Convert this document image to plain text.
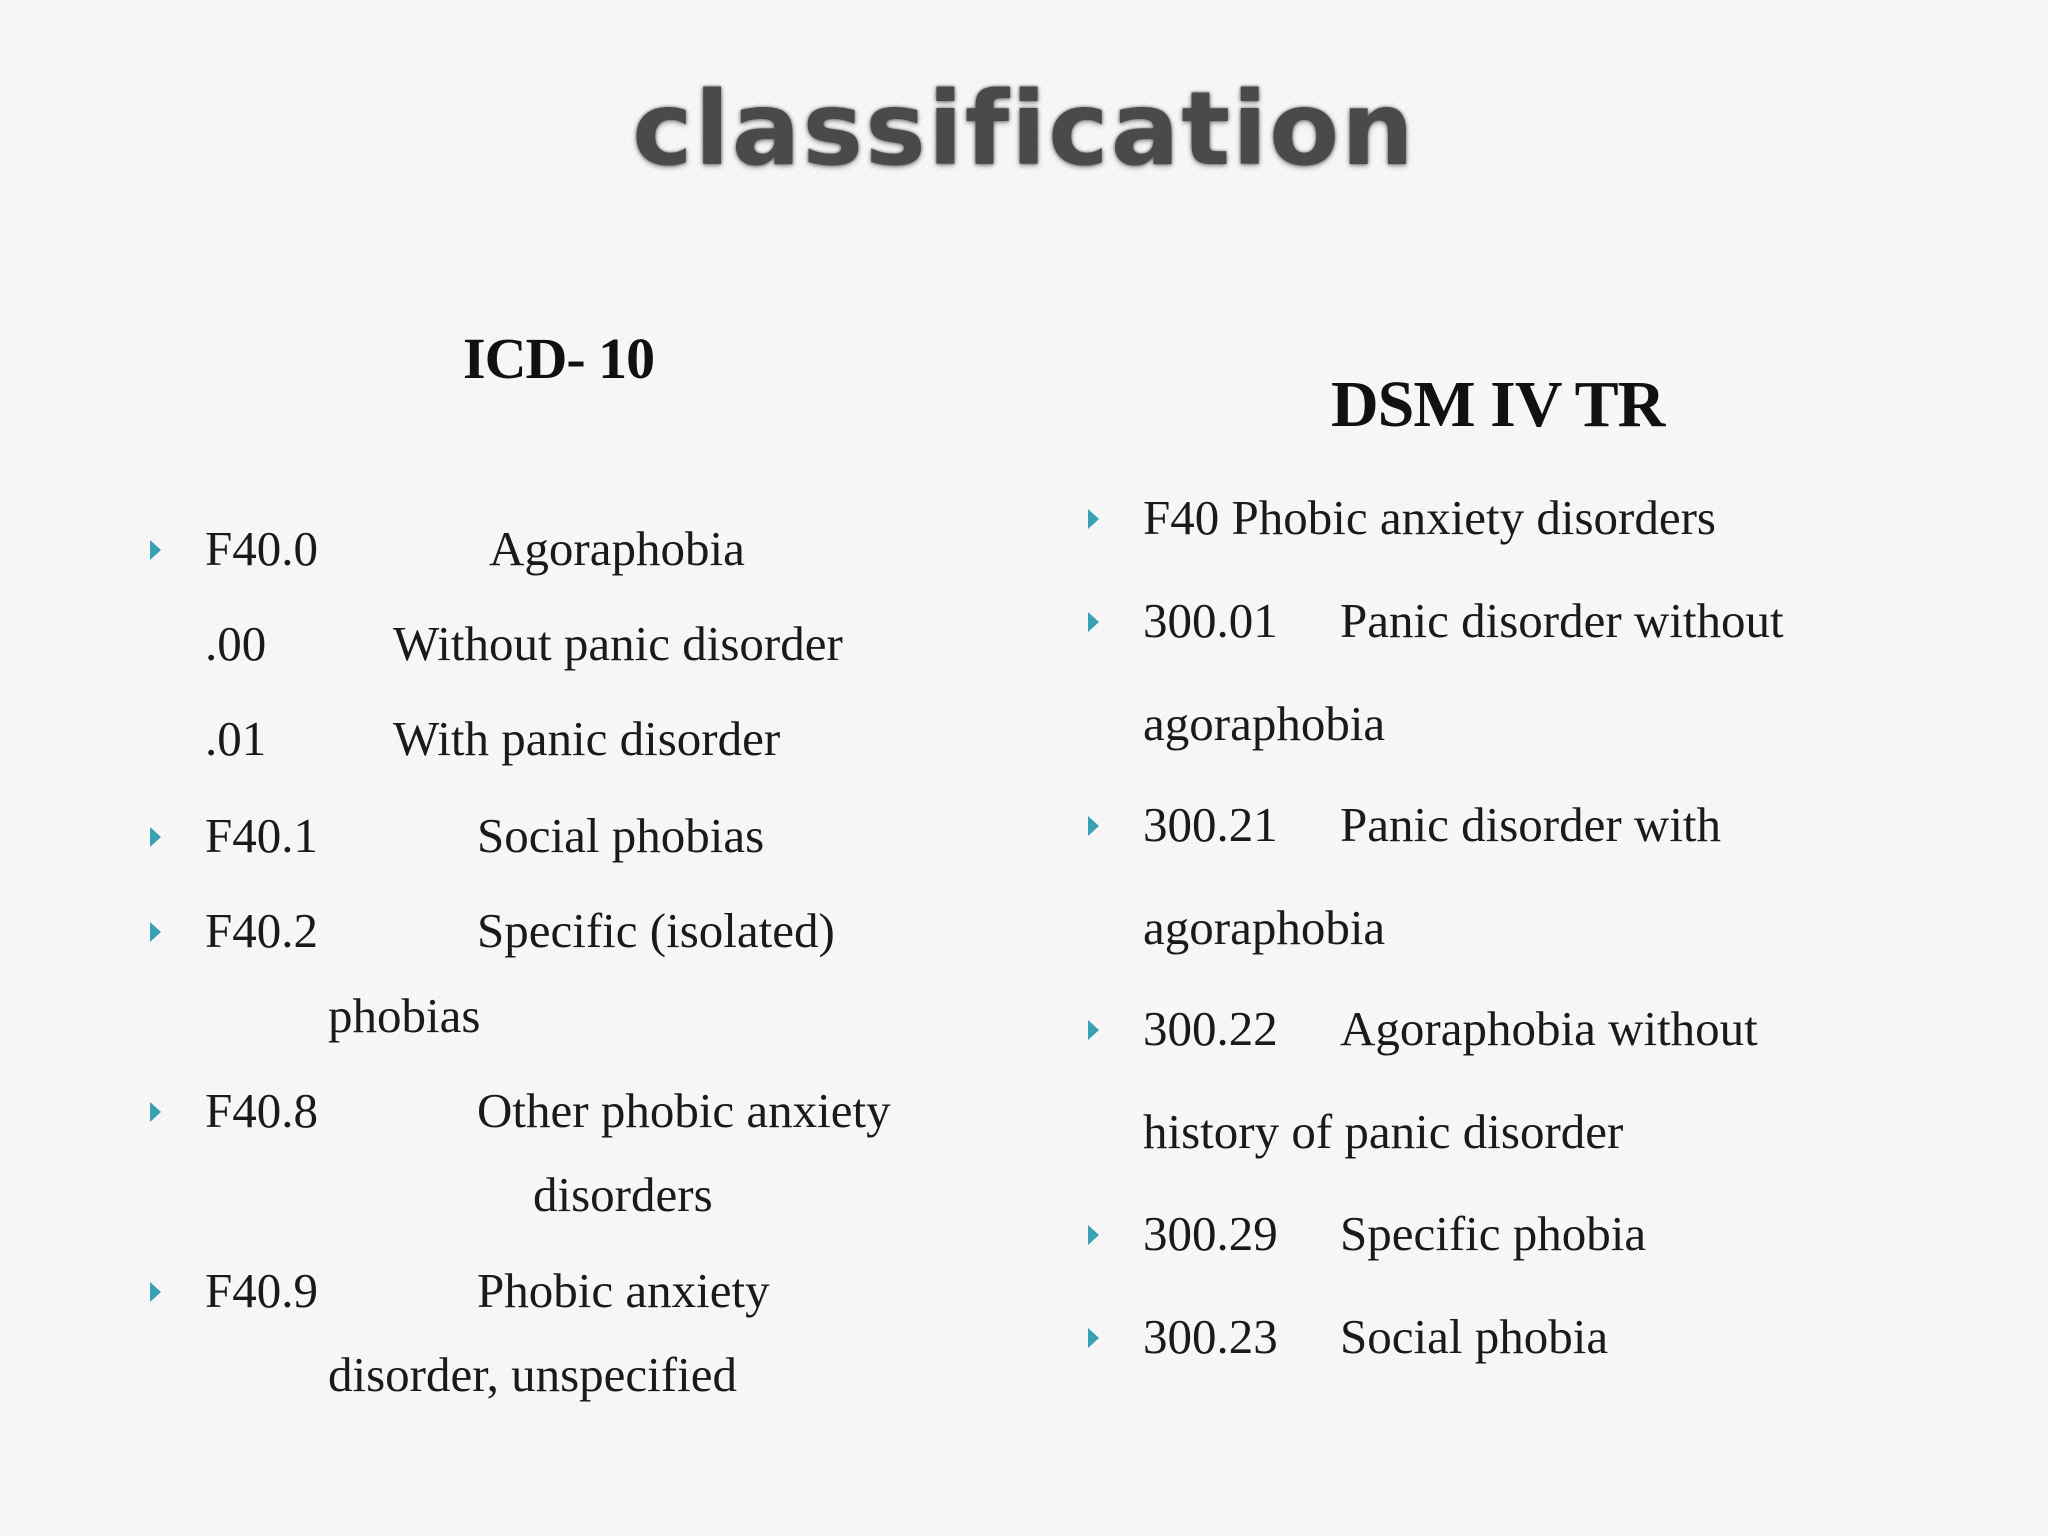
classification
ICD- 10
F40.0	Agoraphobia
.00	Without panic disorder
.01	With panic disorder
F40.1	Social phobias
F40.2	Specific (isolated)
phobias
F40.8	Other phobic anxiety
disorders
F40.9	Phobic anxiety
disorder, unspecified
DSM IV TR
F40 Phobic anxiety disorders
300.01 Panic disorder without
agoraphobia
300.21 Panic disorder with
agoraphobia
300.22 Agoraphobia without
history of panic disorder
300.29 Specific phobia
300.23 Social phobia
